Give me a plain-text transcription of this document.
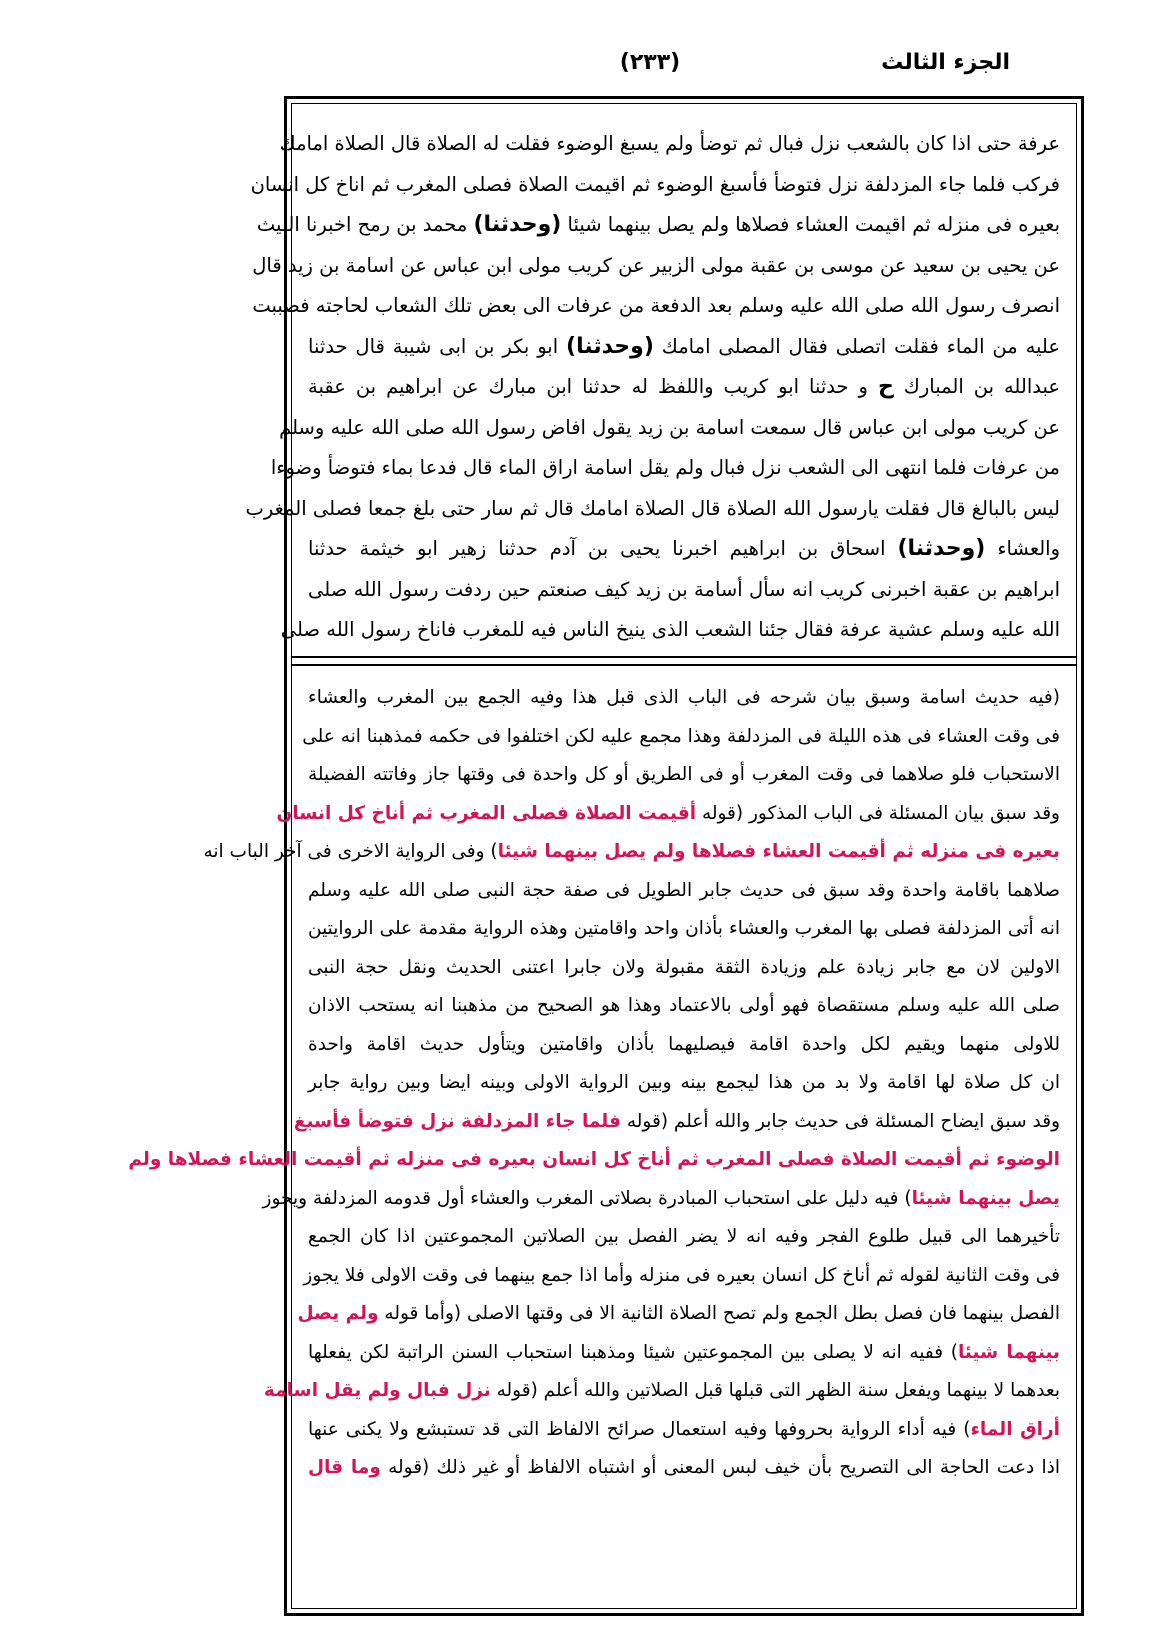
الجزء الثالث
(٢٣٣)
عرفة حتى اذا كان بالشعب نزل فبال ثم توضأ ولم يسبغ الوضوء فقلت له الصلاة قال الصلاة امامك
فركب فلما جاء المزدلفة نزل فتوضأ فأسبغ الوضوء ثم اقيمت الصلاة فصلى المغرب ثم اناخ كل انسان
بعيره فى منزله ثم اقيمت العشاء فصلاها ولم يصل بينهما شيئا (وحدثنا) محمد بن رمح اخبرنا الليث
عن يحيى بن سعيد عن موسى بن عقبة مولى الزبير عن كريب مولى ابن عباس عن اسامة بن زيد قال
انصرف رسول الله صلى الله عليه وسلم بعد الدفعة من عرفات الى بعض تلك الشعاب لحاجته فصببت
عليه من الماء فقلت اتصلى فقال المصلى امامك (وحدثنا) ابو بكر بن ابى شيبة قال حدثنا
عبدالله بن المبارك ح و حدثنا ابو كريب واللفظ له حدثنا ابن مبارك عن ابراهيم بن عقبة
عن كريب مولى ابن عباس قال سمعت اسامة بن زيد يقول افاض رسول الله صلى الله عليه وسلم
من عرفات فلما انتهى الى الشعب نزل فبال ولم يقل اسامة اراق الماء قال فدعا بماء فتوضأ وضوءا
ليس بالبالغ قال فقلت يارسول الله الصلاة قال الصلاة امامك قال ثم سار حتى بلغ جمعا فصلى المغرب
والعشاء (وحدثنا) اسحاق بن ابراهيم اخبرنا يحيى بن آدم حدثنا زهير ابو خيثمة حدثنا
ابراهيم بن عقبة اخبرنى كريب انه سأل أسامة بن زيد كيف صنعتم حين ردفت رسول الله صلى
الله عليه وسلم عشية عرفة فقال جئنا الشعب الذى ينيخ الناس فيه للمغرب فاناخ رسول الله صلى
(فيه حديث اسامة وسبق بيان شرحه فى الباب الذى قبل هذا وفيه الجمع بين المغرب والعشاء
فى وقت العشاء فى هذه الليلة فى المزدلفة وهذا مجمع عليه لكن اختلفوا فى حكمه فمذهبنا انه على
الاستحباب فلو صلاهما فى وقت المغرب أو فى الطريق أو كل واحدة فى وقتها جاز وفاتته الفضيلة
وقد سبق بيان المسئلة فى الباب المذكور (قوله أقيمت الصلاة فصلى المغرب ثم أناخ كل انسان
بعيره فى منزله ثم أقيمت العشاء فصلاها ولم يصل بينهما شيئا) وفى الرواية الاخرى فى آخر الباب انه
صلاهما باقامة واحدة وقد سبق فى حديث جابر الطويل فى صفة حجة النبى صلى الله عليه وسلم
انه أتى المزدلفة فصلى بها المغرب والعشاء بأذان واحد واقامتين وهذه الرواية مقدمة على الروايتين
الاولين لان مع جابر زيادة علم وزيادة الثقة مقبولة ولان جابرا اعتنى الحديث ونقل حجة النبى
صلى الله عليه وسلم مستقصاة فهو أولى بالاعتماد وهذا هو الصحيح من مذهبنا انه يستحب الاذان
للاولى منهما ويقيم لكل واحدة اقامة فيصليهما بأذان واقامتين ويتأول حديث اقامة واحدة
ان كل صلاة لها اقامة ولا بد من هذا ليجمع بينه وبين الرواية الاولى وبينه ايضا وبين رواية جابر
وقد سبق ايضاح المسئلة فى حديث جابر والله أعلم (قوله فلما جاء المزدلفة نزل فتوضأ فأسبغ
الوضوء ثم أقيمت الصلاة فصلى المغرب ثم أناخ كل انسان بعيره فى منزله ثم أقيمت العشاء فصلاها ولم
يصل بينهما شيئا) فيه دليل على استحباب المبادرة بصلاتى المغرب والعشاء أول قدومه المزدلفة ويجوز
تأخيرهما الى قبيل طلوع الفجر وفيه انه لا يضر الفصل بين الصلاتين المجموعتين اذا كان الجمع
فى وقت الثانية لقوله ثم أناخ كل انسان بعيره فى منزله وأما اذا جمع بينهما فى وقت الاولى فلا يجوز
الفصل بينهما فان فصل بطل الجمع ولم تصح الصلاة الثانية الا فى وقتها الاصلى (وأما قوله ولم يصل
بينهما شيئا) ففيه انه لا يصلى بين المجموعتين شيئا ومذهبنا استحباب السنن الراتبة لكن يفعلها
بعدهما لا بينهما ويفعل سنة الظهر التى قبلها قبل الصلاتين والله أعلم (قوله نزل فبال ولم يقل اسامة
أراق الماء) فيه أداء الرواية بحروفها وفيه استعمال صرائح الالفاظ التى قد تستبشع ولا يكنى عنها
اذا دعت الحاجة الى التصريح بأن خيف لبس المعنى أو اشتباه الالفاظ أو غير ذلك (قوله وما قال
